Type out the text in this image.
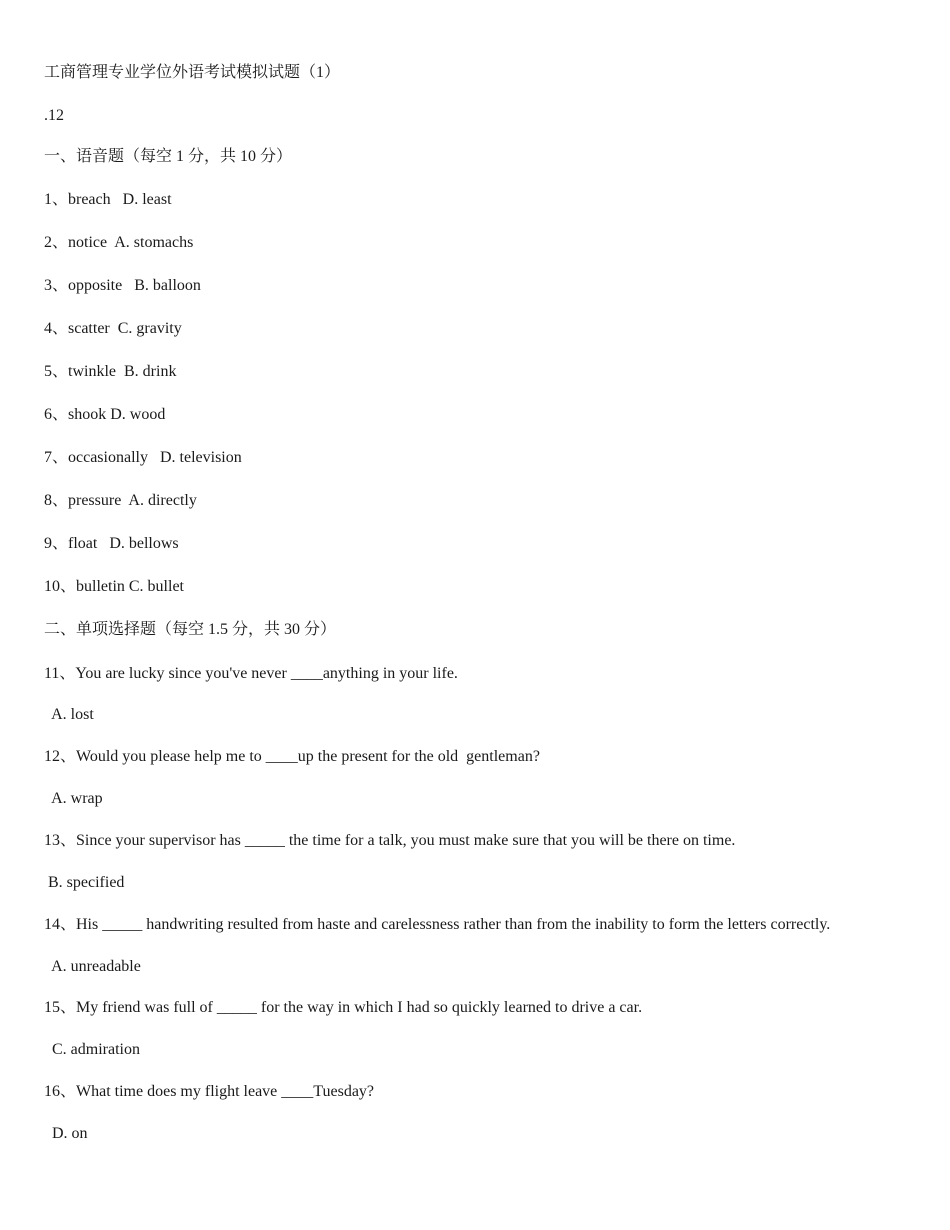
工商管理专业学位外语考试模拟试题（1）
.12
一、语音题（每空 1 分，共 10 分）
1、breach   D. least
2、notice  A. stomachs
3、opposite   B. balloon
4、scatter  C. gravity
5、twinkle  B. drink
6、shook D. wood
7、occasionally   D. television
8、pressure  A. directly
9、float   D. bellows
10、bulletin C. bullet
二、单项选择题（每空 1.5 分，共 30 分）
11、You are lucky since you've never ____anything in your life.
A. lost
12、Would you please help me to ____up the present for the old  gentleman?
A. wrap
13、Since your supervisor has _____ the time for a talk, you must make sure that you will be there on time.
B. specified
14、His _____ handwriting resulted from haste and carelessness rather than from the inability to form the letters correctly.
A. unreadable
15、My friend was full of _____ for the way in which I had so quickly learned to drive a car.
C. admiration
16、What time does my flight leave ____Tuesday?
D. on
